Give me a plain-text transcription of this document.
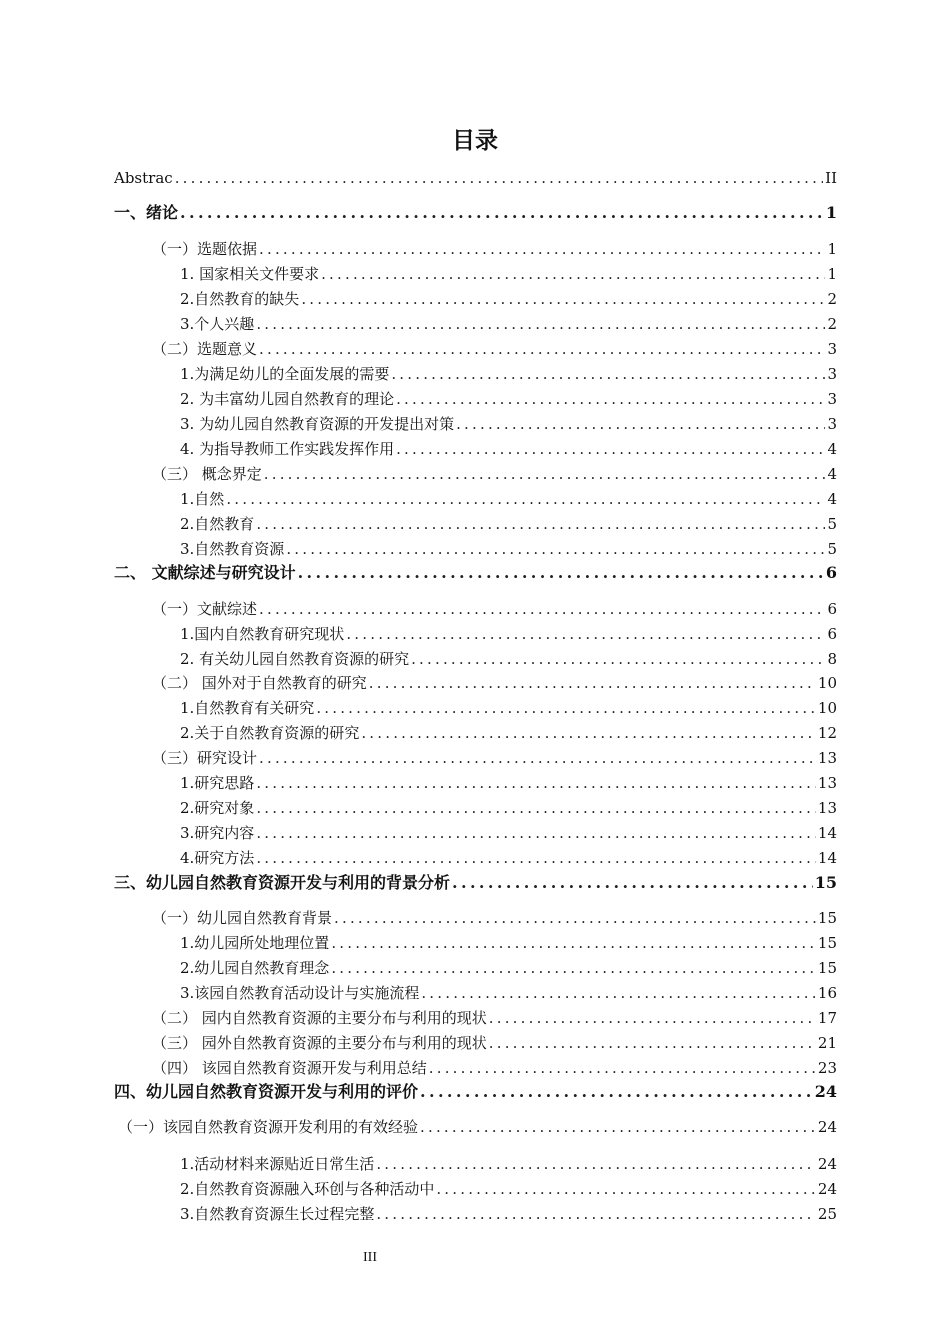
目录
Abstrac .....	II
一、绪论 .....	1
（一）选题依据 .....	1
1. 国家相关文件要求 .....	1
2.自然教育的缺失 .....	2
3.个人兴趣 .....	2
（二）选题意义 .....	3
1.为满足幼儿的全面发展的需要 .....	3
2. 为丰富幼儿园自然教育的理论 .....	3
3. 为幼儿园自然教育资源的开发提出对策 .....	3
4. 为指导教师工作实践发挥作用 .....	4
（三） 概念界定 .....	4
1.自然 .....	4
2.自然教育 .....	5
3.自然教育资源 .....	5
二、 文献综述与研究设计 .....	6
（一）文献综述 .....	6
1.国内自然教育研究现状 .....	6
2. 有关幼儿园自然教育资源的研究 .....	8
（二） 国外对于自然教育的研究 .....	10
1.自然教育有关研究 .....	10
2.关于自然教育资源的研究 .....	12
（三）研究设计 .....	13
1.研究思路 .....	13
2.研究对象 .....	13
3.研究内容 .....	14
4.研究方法 .....	14
三、幼儿园自然教育资源开发与利用的背景分析 .....	15
（一）幼儿园自然教育背景 .....	15
1.幼儿园所处地理位置 .....	15
2.幼儿园自然教育理念 .....	15
3.该园自然教育活动设计与实施流程 .....	16
（二） 园内自然教育资源的主要分布与利用的现状 .....	17
（三） 园外自然教育资源的主要分布与利用的现状 .....	21
（四） 该园自然教育资源开发与利用总结 .....	23
四、幼儿园自然教育资源开发与利用的评价 .....	24
（一）该园自然教育资源开发利用的有效经验 .....	24
1.活动材料来源贴近日常生活 .....	24
2.自然教育资源融入环创与各种活动中 .....	24
3.自然教育资源生长过程完整 .....	25
III
